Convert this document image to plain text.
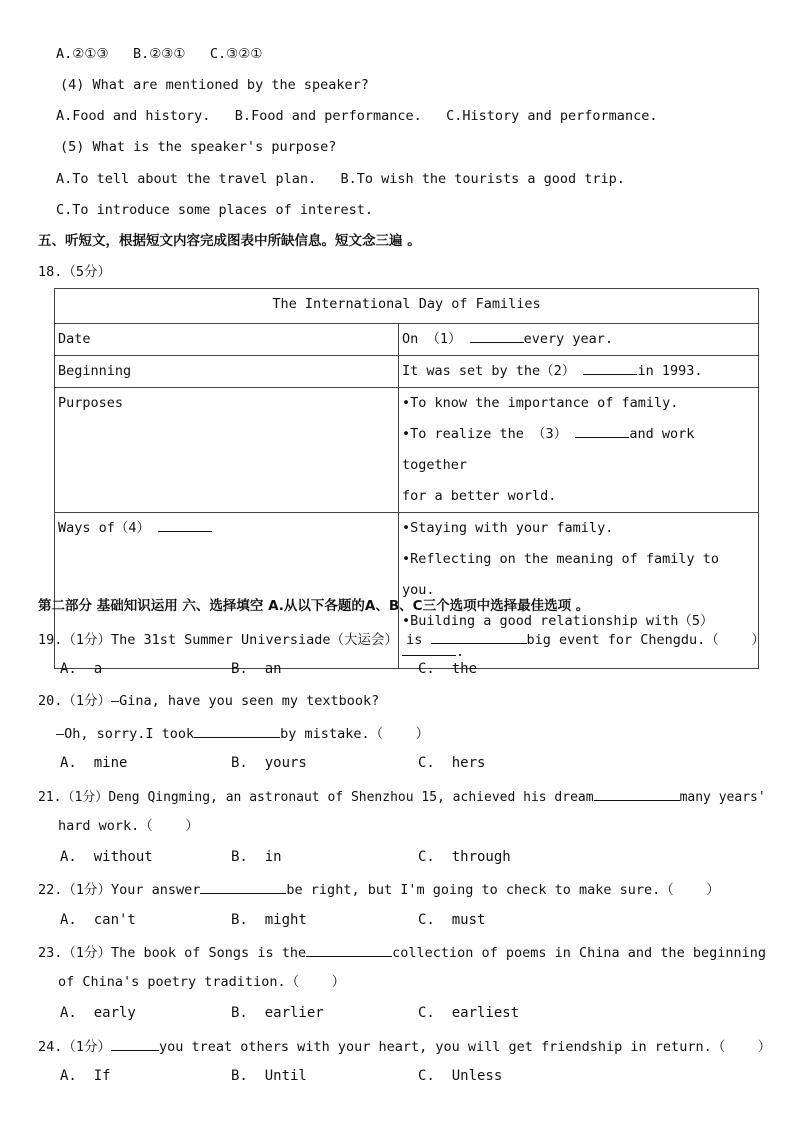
A.②①③   B.②③①   C.③②①
(4) What are mentioned by the speaker?
A.Food and history.   B.Food and performance.   C.History and performance.
(5) What is the speaker's purpose?
A.To tell about the travel plan.   B.To wish the tourists a good trip.
C.To introduce some places of interest.
五、听短文，根据短文内容完成图表中所缺信息。短文念三遍 。
18.（5分）
The International Day of Families	
Date	On （1） every year.
Beginning	It was set by the（2） in 1993.
Purposes	•To know the importance of family.
•To realize the （3） and work together
for a better world.

Ways of（4）	•Staying with your family.
•Reflecting on the meaning of family to you.
•Building a good relationship with（5）.
第二部分 基础知识运用 六、选择填空 A.从以下各题的A、B、C三个选项中选择最佳选项 。
19.（1分）The 31st Summer Universiade（大运会） is	big event for Chengdu.（    ）
A.  a	B.  an	C.  the
20.（1分）—Gina, have you seen my textbook?
—Oh, sorry.I took	by mistake.（    ）
A.  mine	B.  yours	C.  hers
21.（1分）Deng Qingming, an astronaut of Shenzhou 15, achieved his dream	many years'
hard work.（    ）
A.  without	B.  in	C.  through
22.（1分）Your answer	be right, but I'm going to check to make sure.（    ）
A.  can't	B.  might	C.  must
23.（1分）The book of Songs is the	collection of poems in China and the beginning
of China's poetry tradition.（    ）
A.  early	B.  earlier	C.  earliest
24.（1分）	you treat others with your heart, you will get friendship in return.（    ）
A.  If	B.  Until	C.  Unless
